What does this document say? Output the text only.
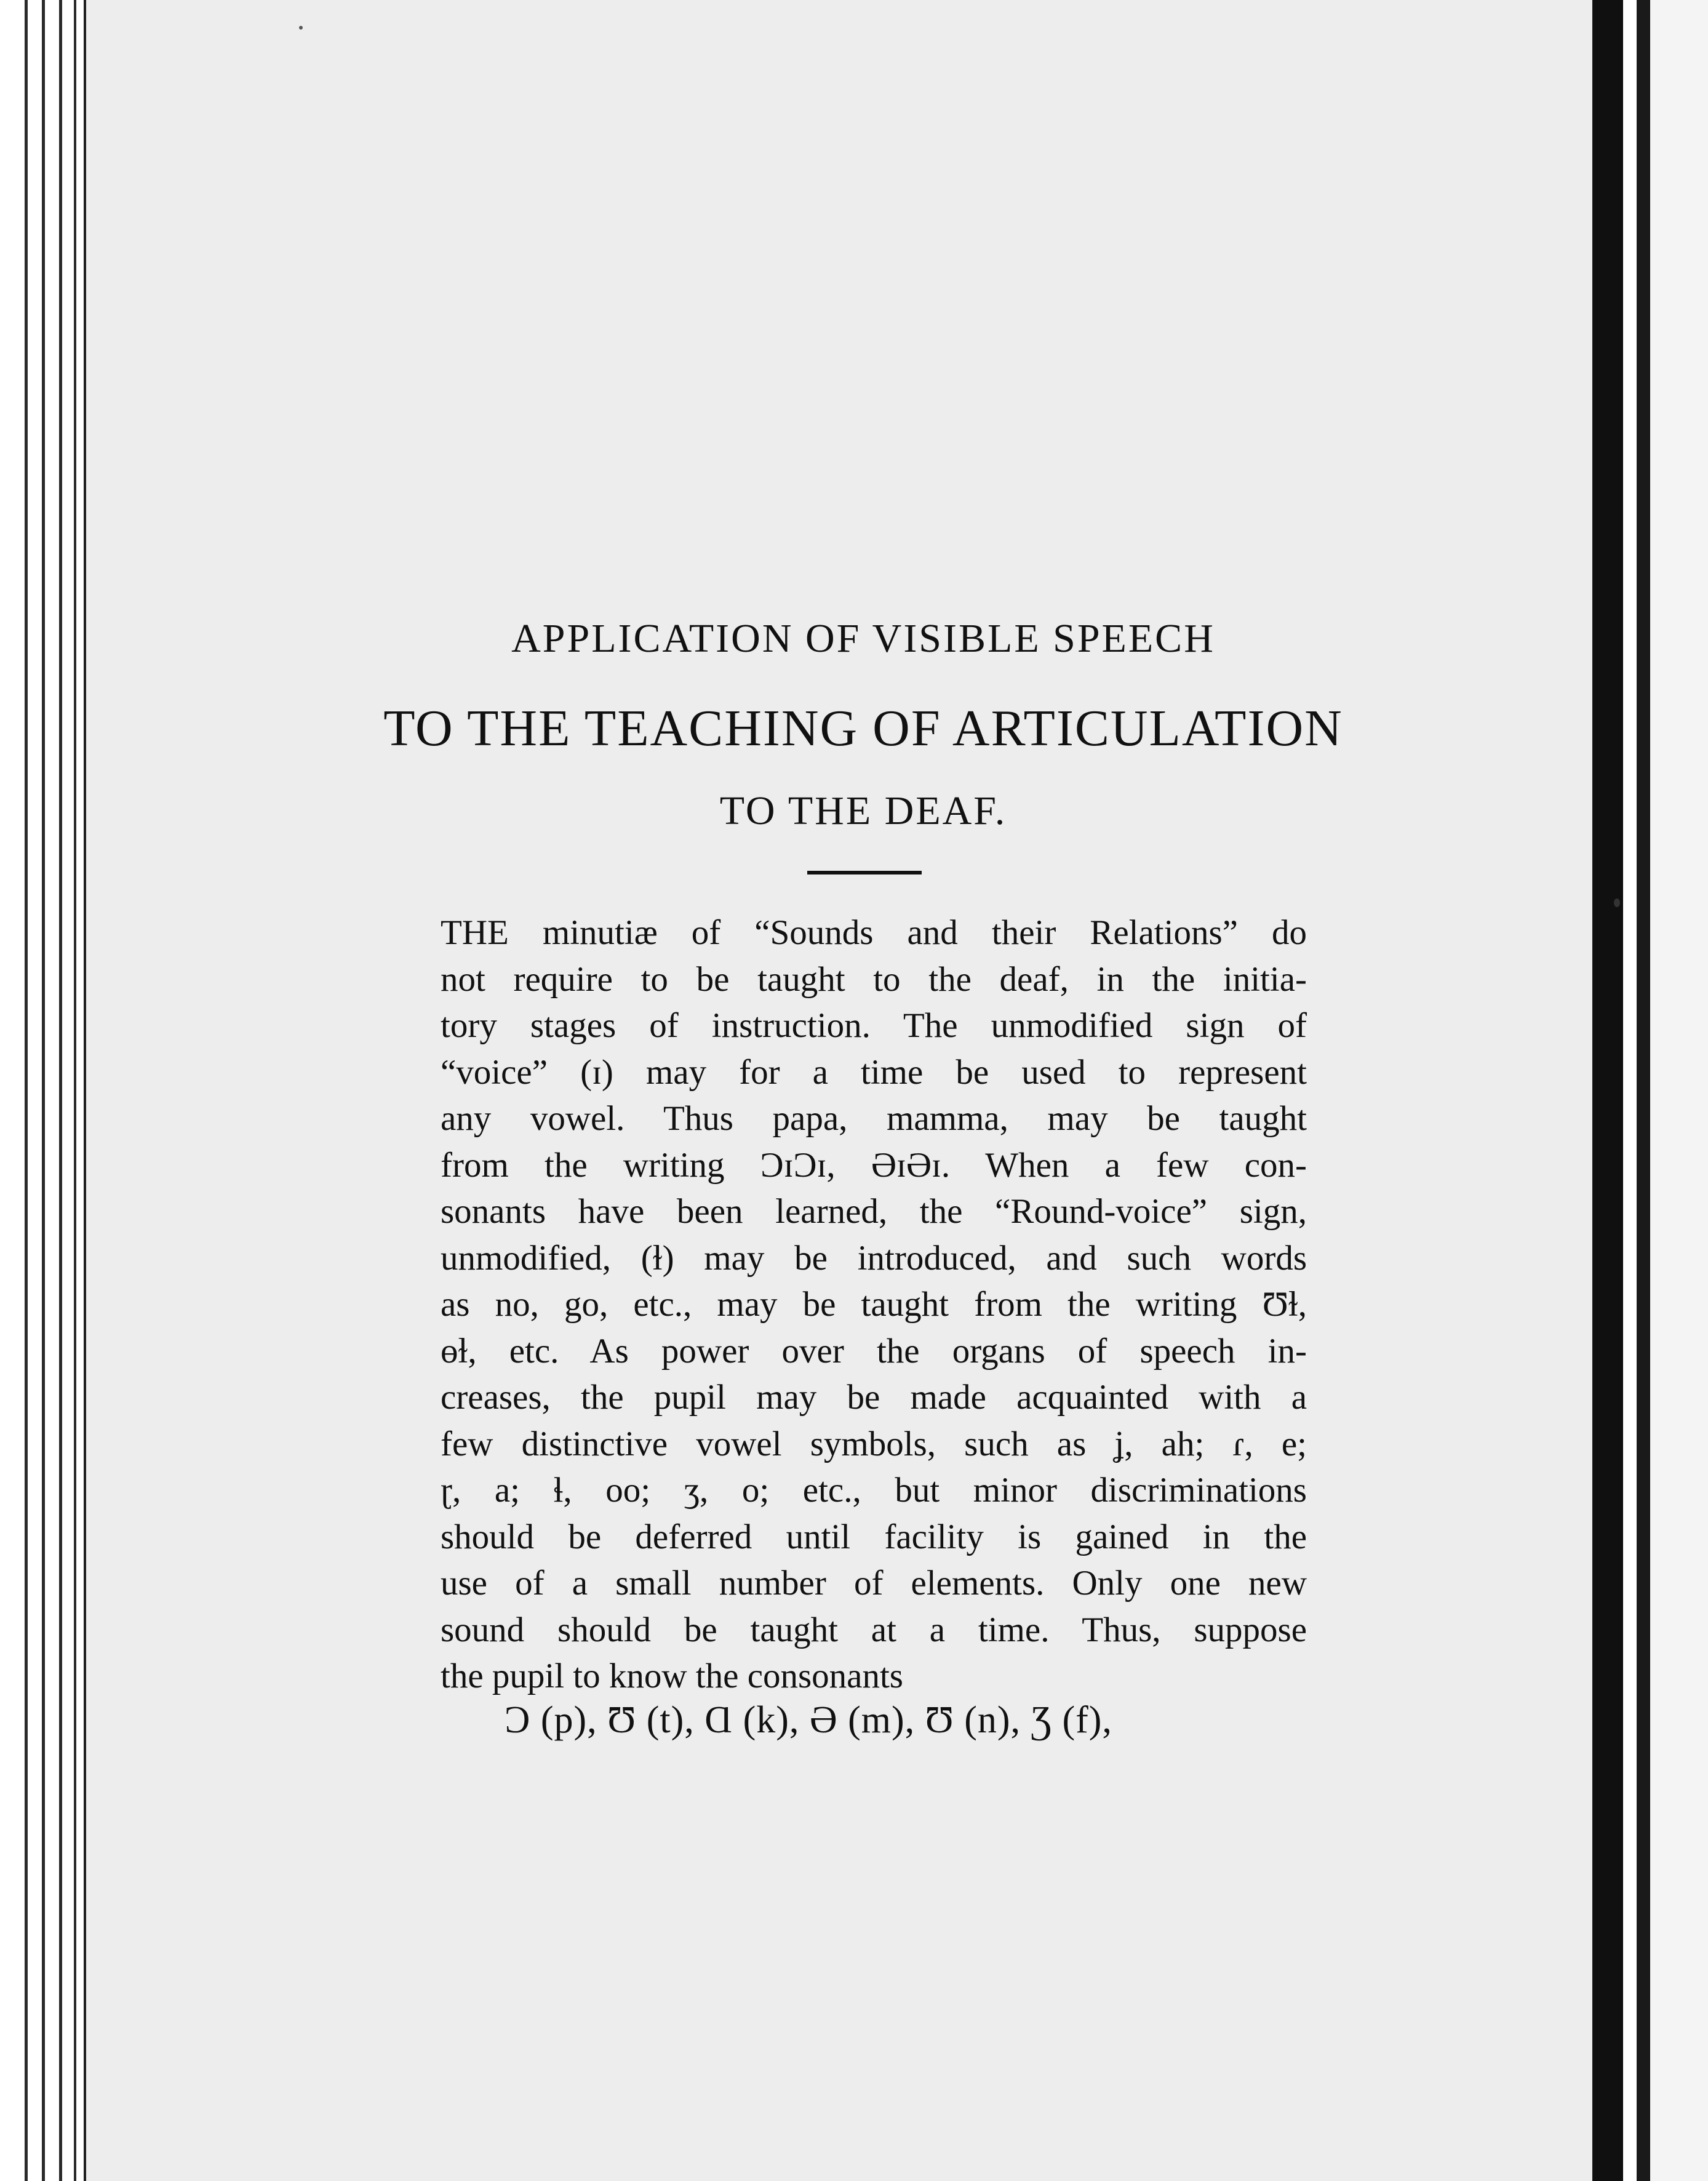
APPLICATION OF VISIBLE SPEECH
TO THE TEACHING OF ARTICULATION
TO THE DEAF.
THE minutiæ of “Sounds and their Relations” do
not require to be taught to the deaf, in the initia-
tory stages of instruction. The unmodified sign of
“voice” (ɪ) may for a time be used to represent
any vowel. Thus papa, mamma, may be taught
from the writing ƆɪƆɪ, ƏɪƏɪ. When a few con-
sonants have been learned, the “Round-voice” sign,
unmodified, (ɫ) may be introduced, and such words
as no, go, etc., may be taught from the writing Ʊɫ,
ɵɫ, etc. As power over the organs of speech in-
creases, the pupil may be made acquainted with a
few distinctive vowel symbols, such as ʝ, ah; ɾ, e;
ɽ, a; ɬ, oo; ʒ, o; etc., but minor discriminations
should be deferred until facility is gained in the
use of a small number of elements. Only one new
sound should be taught at a time. Thus, suppose
the pupil to know the consonants
Ɔ (p), Ʊ (t), Ɑ (k), Ə (m), Ʊ (n), Ʒ (f),
